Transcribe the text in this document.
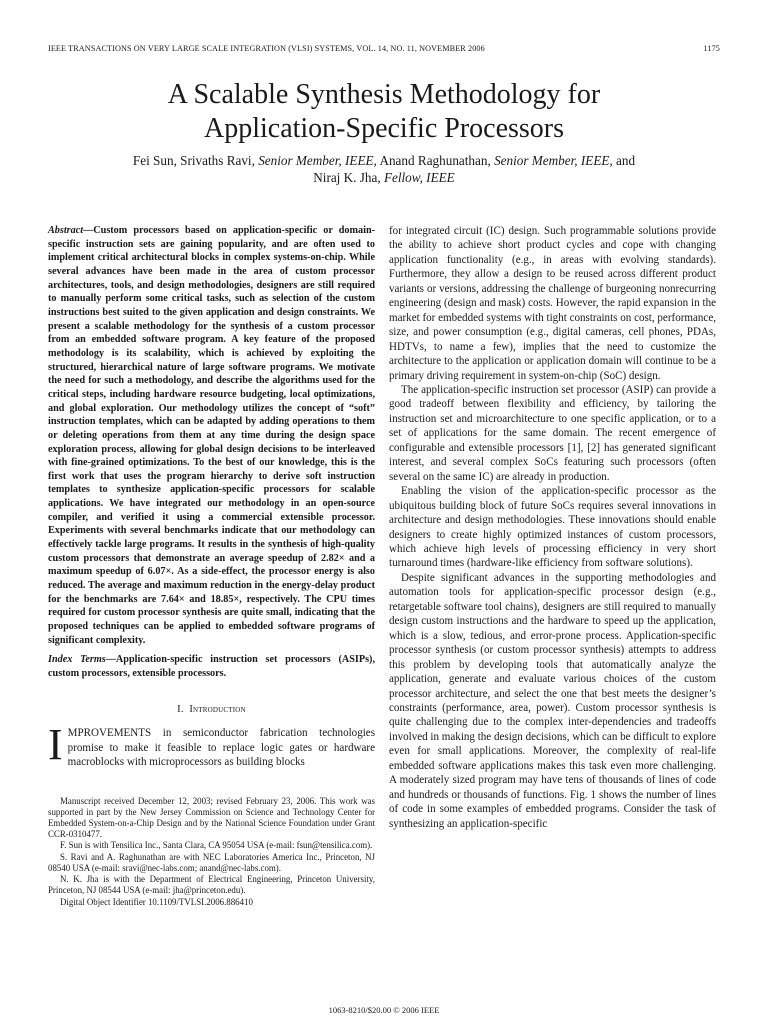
IEEE TRANSACTIONS ON VERY LARGE SCALE INTEGRATION (VLSI) SYSTEMS, VOL. 14, NO. 11, NOVEMBER 2006	1175
A Scalable Synthesis Methodology for
Application-Specific Processors
Fei Sun, Srivaths Ravi, Senior Member, IEEE, Anand Raghunathan, Senior Member, IEEE, and
Niraj K. Jha, Fellow, IEEE
Abstract—Custom processors based on application-specific or domain-specific instruction sets are gaining popularity, and are often used to implement critical architectural blocks in complex systems-on-chip. While several advances have been made in the area of custom processor architectures, tools, and design methodologies, designers are still required to manually perform some critical tasks, such as selection of the custom instructions best suited to the given application and design constraints. We present a scalable methodology for the synthesis of a custom processor from an embedded software program. A key feature of the proposed methodology is its scalability, which is achieved by exploiting the structured, hierarchical nature of large software programs. We motivate the need for such a methodology, and describe the algorithms used for the critical steps, including hardware resource budgeting, local optimizations, and global exploration. Our methodology utilizes the concept of “soft” instruction templates, which can be adapted by adding operations to them or deleting operations from them at any time during the design space exploration process, allowing for global design decisions to be interleaved with fine-grained optimizations. To the best of our knowledge, this is the first work that uses the program hierarchy to derive soft instruction templates to synthesize application-specific processors for scalable applications. We have integrated our methodology in an open-source compiler, and verified it using a commercial extensible processor. Experiments with several benchmarks indicate that our methodology can effectively tackle large programs. It results in the synthesis of high-quality custom processors that demonstrate an average speedup of 2.82× and a maximum speedup of 6.07×. As a side-effect, the processor energy is also reduced. The average and maximum reduction in the energy-delay product for the benchmarks are 7.64× and 18.85×, respectively. The CPU times required for custom processor synthesis are quite small, indicating that the proposed techniques can be applied to embedded software programs of significant complexity.
Index Terms—Application-specific instruction set processors (ASIPs), custom processors, extensible processors.
I. Introduction
IMPROVEMENTS in semiconductor fabrication technologies promise to make it feasible to replace logic gates or hardware macroblocks with microprocessors as building blocks

Manuscript received December 12, 2003; revised February 23, 2006. This work was supported in part by the New Jersey Commission on Science and Technology Center for Embedded System-on-a-Chip Design and by the National Science Foundation under Grant CCR-0310477.

F. Sun is with Tensilica Inc., Santa Clara, CA 95054 USA (e-mail: fsun@tensilica.com).

S. Ravi and A. Raghunathan are with NEC Laboratories America Inc., Princeton, NJ 08540 USA (e-mail: sravi@nec-labs.com; anand@nec-labs.com).

N. K. Jha is with the Department of Electrical Engineering, Princeton University, Princeton, NJ 08544 USA (e-mail: jha@princeton.edu).

Digital Object Identifier 10.1109/TVLSI.2006.886410

for integrated circuit (IC) design. Such programmable solutions provide the ability to achieve short product cycles and cope with changing application functionality (e.g., in areas with evolving standards). Furthermore, they allow a design to be reused across different product variants or versions, addressing the challenge of burgeoning nonrecurring engineering (design and mask) costs. However, the rapid expansion in the market for embedded systems with tight constraints on cost, performance, size, and power consumption (e.g., digital cameras, cell phones, PDAs, HDTVs, to name a few), implies that the need to customize the architecture to the application or application domain will continue to be a primary driving requirement in system-on-chip (SoC) design.

The application-specific instruction set processor (ASIP) can provide a good tradeoff between flexibility and efficiency, by tailoring the instruction set and microarchitecture to one specific application, or to a set of applications for the same domain. The recent emergence of configurable and extensible processors [1], [2] has generated significant interest, and several complex SoCs featuring such processors (often several on the same IC) are already in production.

Enabling the vision of the application-specific processor as the ubiquitous building block of future SoCs requires several innovations in architecture and design methodologies. These innovations should enable designers to create highly optimized instances of custom processors, which achieve high levels of processing efficiency in very short turnaround times (hardware-like efficiency from software solutions).

Despite significant advances in the supporting methodologies and automation tools for application-specific processor design (e.g., retargetable software tool chains), designers are still required to manually design custom instructions and the hardware to speed up the application, which is a slow, tedious, and error-prone process. Application-specific processor synthesis (or custom processor synthesis) attempts to address this problem by developing tools that automatically analyze the application, generate and evaluate various choices of the custom processor architecture, and select the one that best meets the designer’s constraints (performance, area, power). Custom processor synthesis is quite challenging due to the complex inter-dependencies and tradeoffs involved in making the design decisions, which can be difficult to explore even for small applications. Moreover, the complexity of real-life embedded software applications makes this task even more challenging. A moderately sized program may have tens of thousands of lines of code and hundreds or thousands of functions. Fig. 1 shows the number of lines of code in some examples of embedded programs. Consider the task of synthesizing an application-specific

1063-8210/$20.00 © 2006 IEEE
